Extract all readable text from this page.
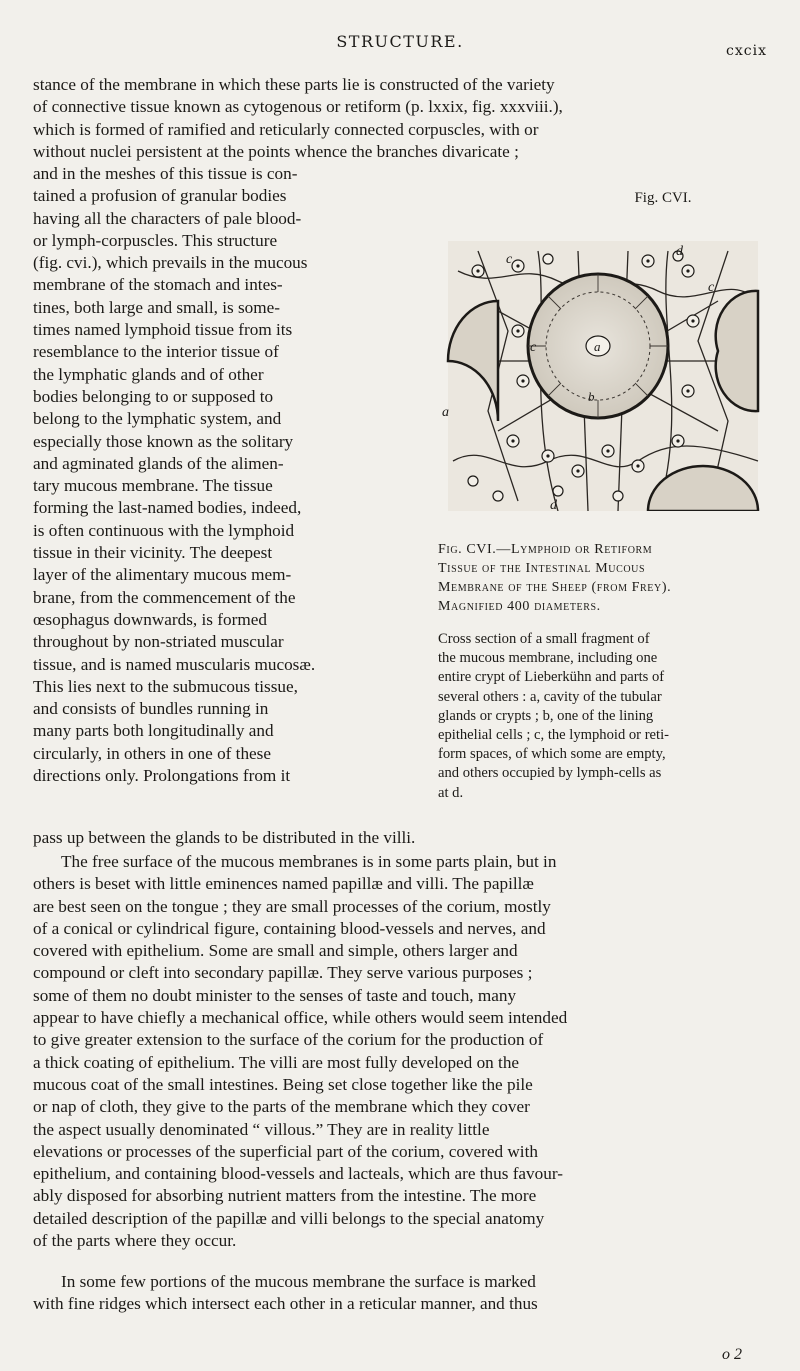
STRUCTURE.	cxcix
stance of the membrane in which these parts lie is constructed of the variety
of connective tissue known as cytogenous or retiform (p. lxxix, fig. xxxviii.),
which is formed of ramified and reticularly connected corpuscles, with or
without nuclei persistent at the points whence the branches divaricate ;
and in the meshes of this tissue is con-
tained a profusion of granular bodies
having all the characters of pale blood-
or lymph-corpuscles. This structure
(fig. cvi.), which prevails in the mucous
membrane of the stomach and intes-
tines, both large and small, is some-
times named lymphoid tissue from its
resemblance to the interior tissue of
the lymphatic glands and of other
bodies belonging to or supposed to
belong to the lymphatic system, and
especially those known as the solitary
and agminated glands of the alimen-
tary mucous membrane. The tissue
forming the last-named bodies, indeed,
is often continuous with the lymphoid
tissue in their vicinity. The deepest
layer of the alimentary mucous mem-
brane, from the commencement of the
œsophagus downwards, is formed
throughout by non-striated muscular
tissue, and is named muscularis mucosæ.
This lies next to the submucous tissue,
and consists of bundles running in
many parts both longitudinally and
circularly, in others in one of these
directions only. Prolongations from it
Fig. CVI.
a
b
c
d
c
c
a
d
Fig. CVI.—Lymphoid or Retiform
Tissue of the Intestinal Mucous
Membrane of the Sheep (from Frey).
Magnified 400 diameters.
Cross section of a small fragment of
the mucous membrane, including one
entire crypt of Lieberkühn and parts of
several others : a, cavity of the tubular
glands or crypts ; b, one of the lining
epithelial cells ; c, the lymphoid or reti-
form spaces, of which some are empty,
and others occupied by lymph-cells as
at d.
pass up between the glands to be distributed in the villi.
The free surface of the mucous membranes is in some parts plain, but in
others is beset with little eminences named papillæ and villi. The papillæ
are best seen on the tongue ; they are small processes of the corium, mostly
of a conical or cylindrical figure, containing blood-vessels and nerves, and
covered with epithelium. Some are small and simple, others larger and
compound or cleft into secondary papillæ. They serve various purposes ;
some of them no doubt minister to the senses of taste and touch, many
appear to have chiefly a mechanical office, while others would seem intended
to give greater extension to the surface of the corium for the production of
a thick coating of epithelium. The villi are most fully developed on the
mucous coat of the small intestines. Being set close together like the pile
or nap of cloth, they give to the parts of the membrane which they cover
the aspect usually denominated “ villous.” They are in reality little
elevations or processes of the superficial part of the corium, covered with
epithelium, and containing blood-vessels and lacteals, which are thus favour-
ably disposed for absorbing nutrient matters from the intestine. The more
detailed description of the papillæ and villi belongs to the special anatomy
of the parts where they occur.
In some few portions of the mucous membrane the surface is marked
with fine ridges which intersect each other in a reticular manner, and thus
o 2
